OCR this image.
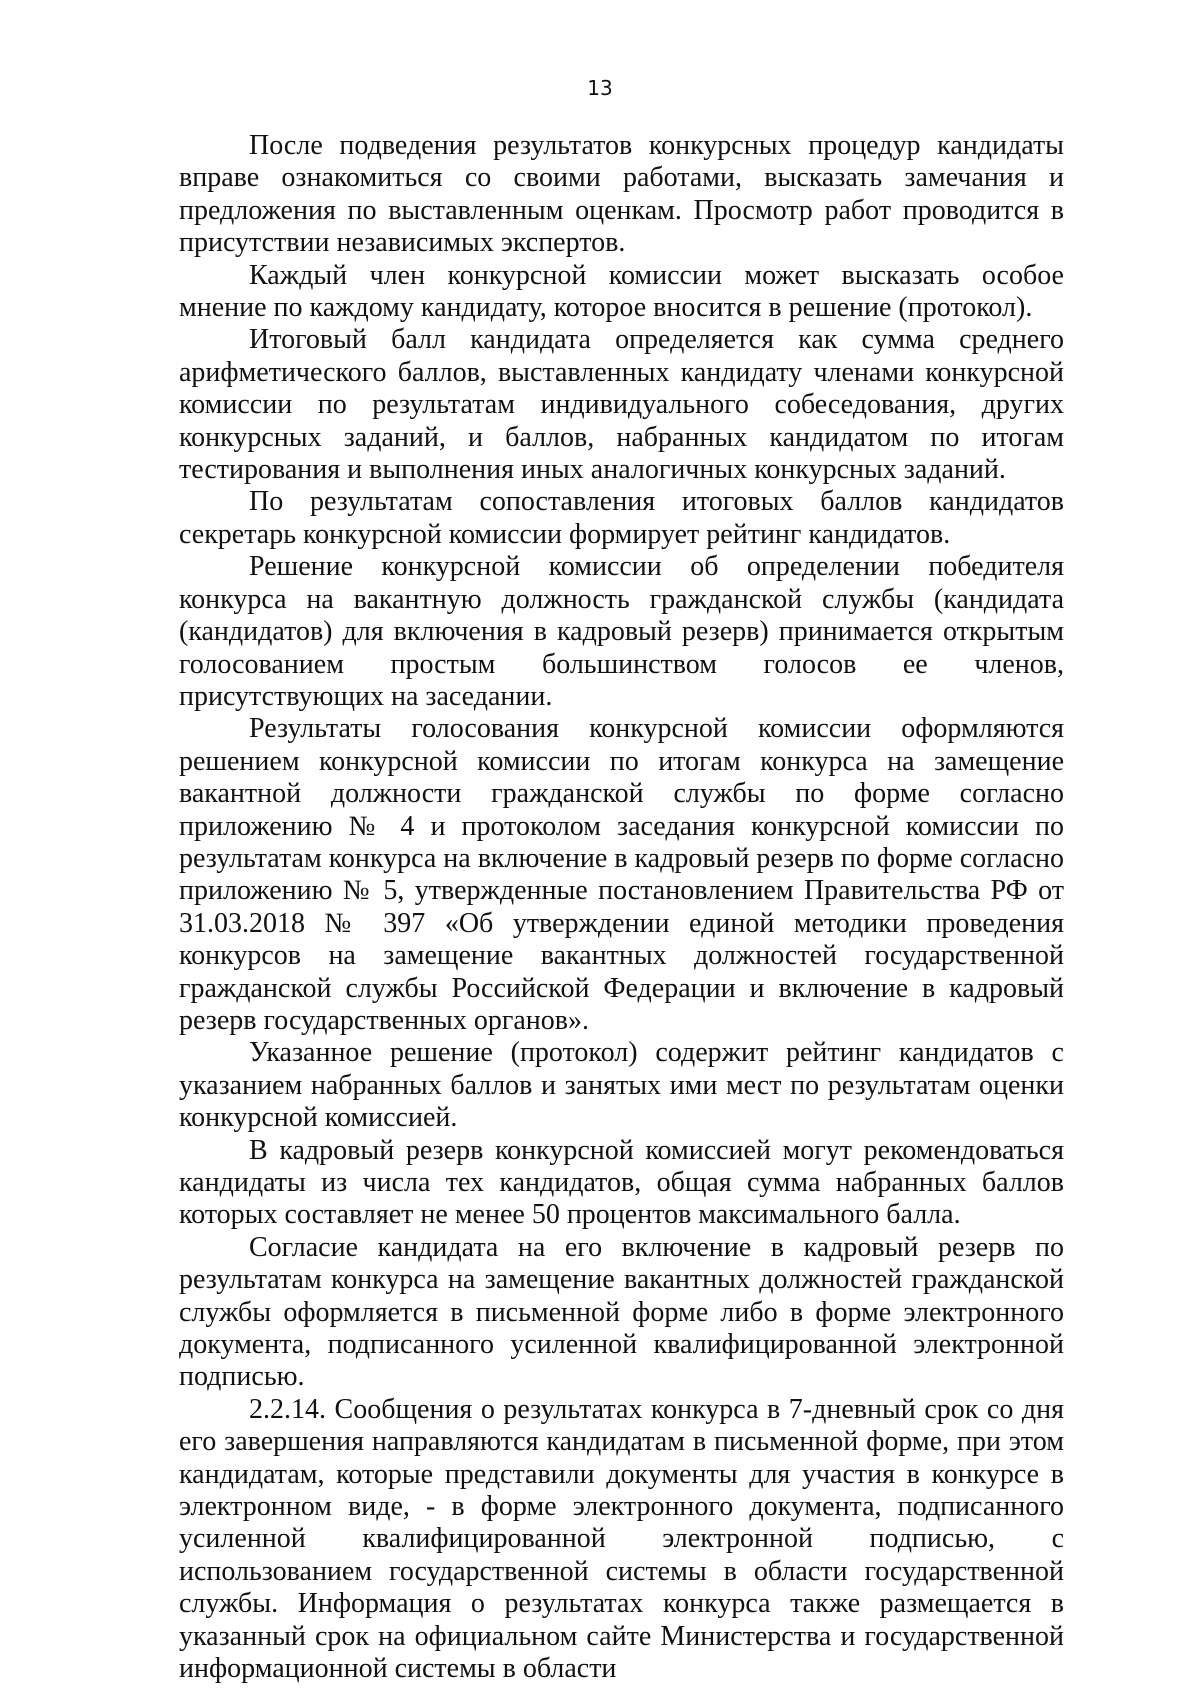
13

После подведения результатов конкурсных процедур кандидаты вправе ознакомиться со своими работами, высказать замечания и предложения по выставленным оценкам. Просмотр работ проводится в присутствии независимых экспертов.

Каждый член конкурсной комиссии может высказать особое мнение по каждому кандидату, которое вносится в решение (протокол).

Итоговый балл кандидата определяется как сумма среднего арифметического баллов, выставленных кандидату членами конкурсной комиссии по результатам индивидуального собеседования, других конкурсных заданий, и баллов, набранных кандидатом по итогам тестирования и выполнения иных аналогичных конкурсных заданий.

По результатам сопоставления итоговых баллов кандидатов секретарь конкурсной комиссии формирует рейтинг кандидатов.

Решение конкурсной комиссии об определении победителя конкурса на вакантную должность гражданской службы (кандидата (кандидатов) для включения в кадровый резерв) принимается открытым голосованием простым большинством голосов ее членов, присутствующих на заседании.

Результаты голосования конкурсной комиссии оформляются решением конкурсной комиссии по итогам конкурса на замещение вакантной должности гражданской службы по форме согласно приложению № 4 и протоколом заседания конкурсной комиссии по результатам конкурса на включение в кадровый резерв по форме согласно приложению № 5, утвержденные постановлением Правительства РФ от 31.03.2018 № 397 «Об утверждении единой методики проведения конкурсов на замещение вакантных должностей государственной гражданской службы Российской Федерации и включение в кадровый резерв государственных органов».

Указанное решение (протокол) содержит рейтинг кандидатов с указанием набранных баллов и занятых ими мест по результатам оценки конкурсной комиссией.

В кадровый резерв конкурсной комиссией могут рекомендоваться кандидаты из числа тех кандидатов, общая сумма набранных баллов которых составляет не менее 50 процентов максимального балла.

Согласие кандидата на его включение в кадровый резерв по результатам конкурса на замещение вакантных должностей гражданской службы оформляется в письменной форме либо в форме электронного документа, подписанного усиленной квалифицированной электронной подписью.

2.2.14. Сообщения о результатах конкурса в 7-дневный срок со дня его завершения направляются кандидатам в письменной форме, при этом кандидатам, которые представили документы для участия в конкурсе в электронном виде, - в форме электронного документа, подписанного усиленной квалифицированной электронной подписью, с использованием государственной системы в области государственной службы. Информация о результатах конкурса также размещается в указанный срок на официальном сайте Министерства и государственной информационной системы в области
